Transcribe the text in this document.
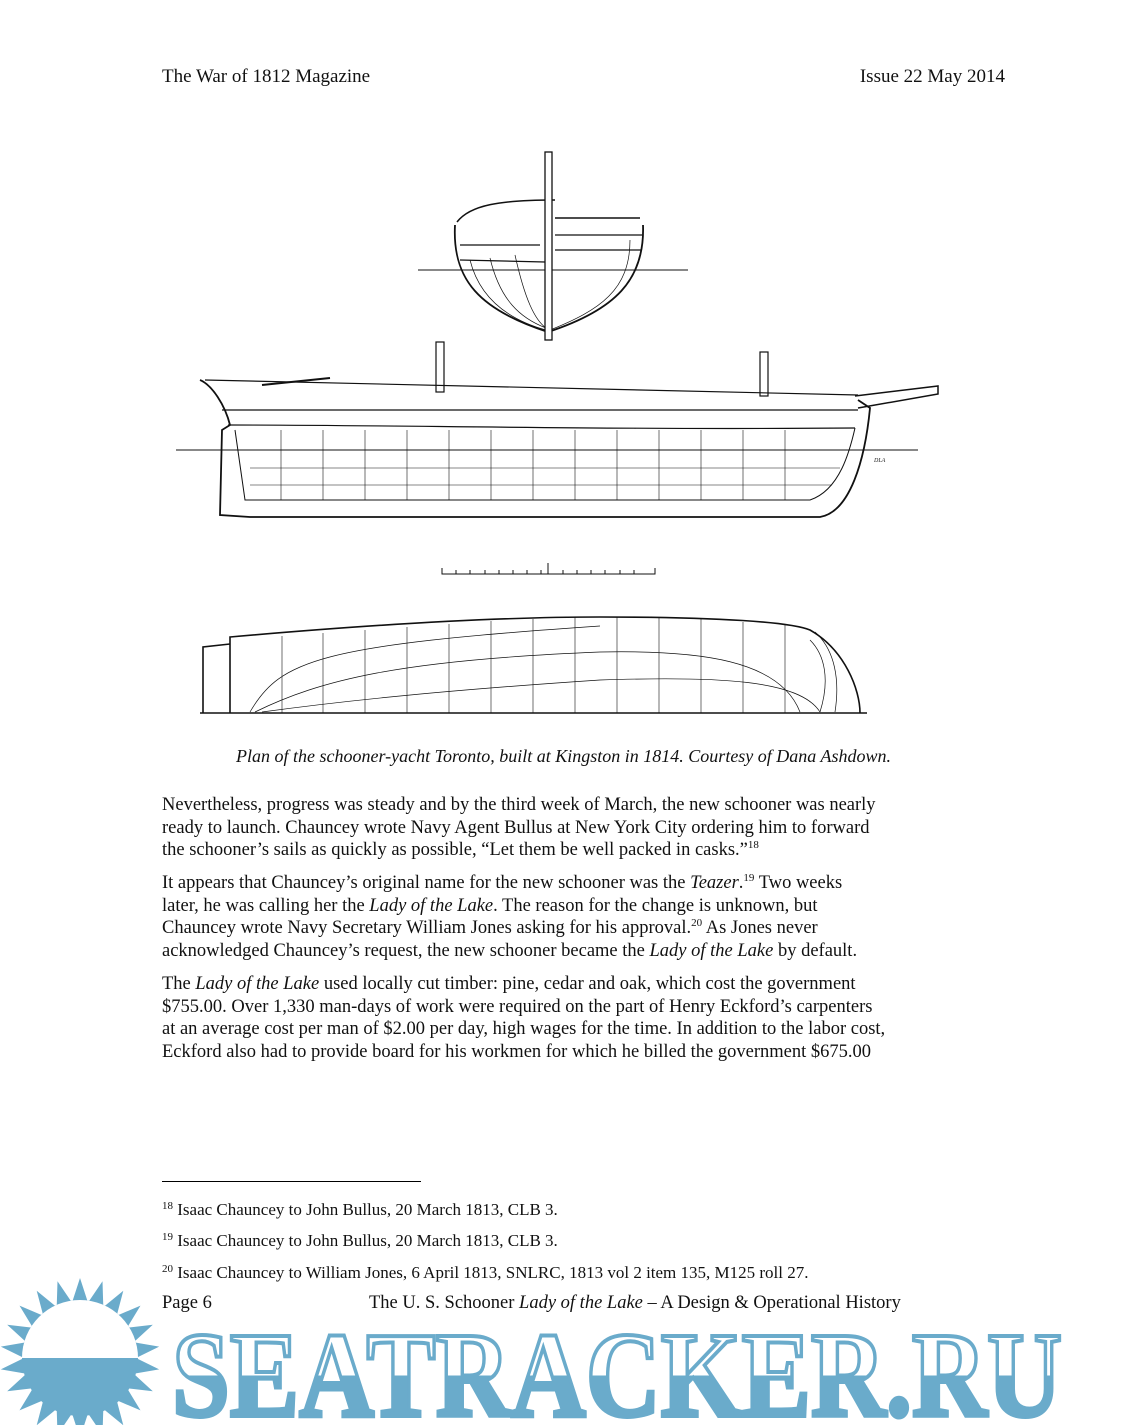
The War of 1812 Magazine	Issue 22 May 2014
DLA
Plan of the schooner-yacht Toronto, built at Kingston in 1814. Courtesy of Dana Ashdown.

Nevertheless, progress was steady and by the third week of March, the new schooner was nearly
ready to launch. Chauncey wrote Navy Agent Bullus at New York City ordering him to forward
the schooner’s sails as quickly as possible, “Let them be well packed in casks.”$^{18}$

It appears that Chauncey’s original name for the new schooner was the Teazer.$^{19}$ Two weeks
later, he was calling her the Lady of the Lake. The reason for the change is unknown, but
Chauncey wrote Navy Secretary William Jones asking for his approval.$^{20}$ As Jones never
acknowledged Chauncey’s request, the new schooner became the Lady of the Lake by default.

The Lady of the Lake used locally cut timber: pine, cedar and oak, which cost the government
$755.00. Over 1,330 man-days of work were required on the part of Henry Eckford’s carpenters
at an average cost per man of $2.00 per day, high wages for the time. In addition to the labor cost,
Eckford also had to provide board for his workmen for which he billed the government $675.00

$^{18}$ Isaac Chauncey to John Bullus, 20 March 1813, CLB 3.
$^{19}$ Isaac Chauncey to John Bullus, 20 March 1813, CLB 3.
$^{20}$ Isaac Chauncey to William Jones, 6 April 1813, SNLRC, 1813 vol 2 item 135, M125 roll 27.
SEATRACKER.RU
Page 6	The U. S. Schooner Lady of the Lake – A Design & Operational History
